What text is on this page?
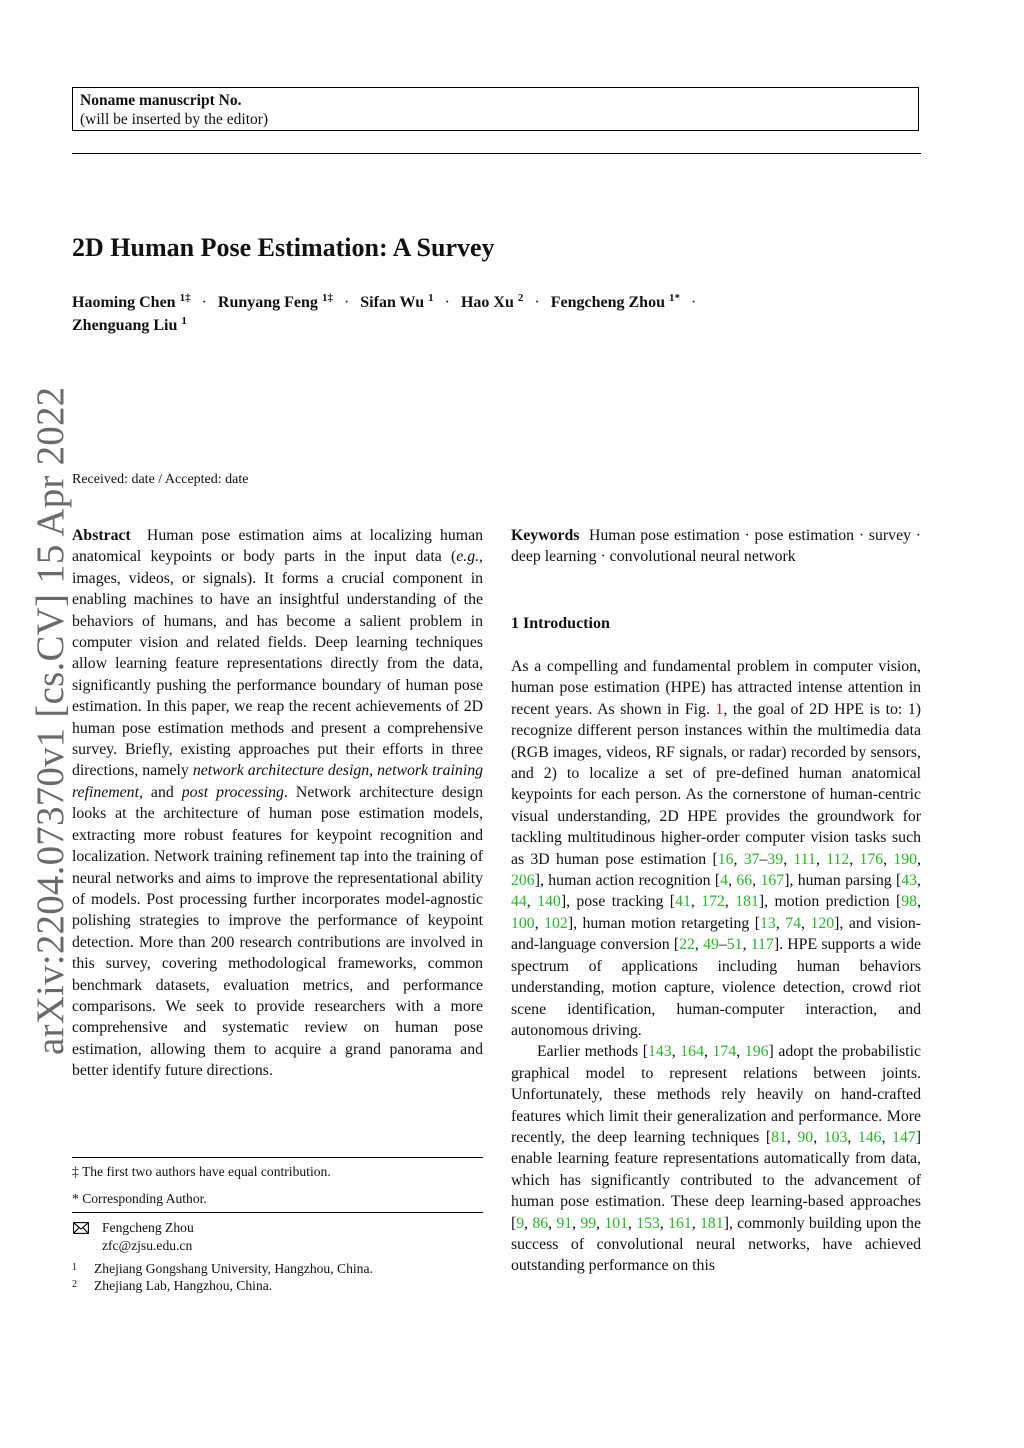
Noname manuscript No.
(will be inserted by the editor)
2D Human Pose Estimation: A Survey
Haoming Chen $^{1\ddagger}$ · Runyang Feng $^{1\ddagger}$ · Sifan Wu $^1$ · Hao Xu $^2$ · Fengcheng Zhou $^{1*}$ ·
Zhenguang Liu $^1$
Received: date / Accepted: date
arXiv:2204.07370v1 [cs.CV] 15 Apr 2022 Abstract Human pose estimation aims at localizing human anatomical keypoints or body parts in the input data (e.g., images, videos, or signals). It forms a crucial component in enabling machines to have an insightful understanding of the behaviors of humans, and has become a salient problem in computer vision and related fields. Deep learning techniques allow learning feature representations directly from the data, significantly pushing the performance boundary of human pose estimation. In this paper, we reap the recent achievements of 2D human pose estimation methods and present a comprehensive survey. Briefly, existing approaches put their efforts in three directions, namely network architecture design, network training refinement, and post processing. Network architecture design looks at the architecture of human pose estimation models, extracting more robust features for keypoint recognition and localization. Network training refinement tap into the training of neural networks and aims to improve the representational ability of models. Post processing further incorporates model-agnostic polishing strategies to improve the performance of keypoint detection. More than 200 research contributions are involved in this survey, covering methodological frameworks, common benchmark datasets, evaluation metrics, and performance comparisons. We seek to provide researchers with a more comprehensive and systematic review on human pose estimation, allowing them to acquire a grand panorama and better identify future directions.

‡ The first two authors have equal contribution.
* Corresponding Author.
Fengcheng Zhou
zfc@zjsu.edu.cn
1 Zhejiang Gongshang University, Hangzhou, China.
2 Zhejiang Lab, Hangzhou, China.

Keywords Human pose estimation · pose estimation · survey · deep learning · convolutional neural network

1 Introduction

As a compelling and fundamental problem in computer vision, human pose estimation (HPE) has attracted intense attention in recent years. As shown in Fig. 1, the goal of 2D HPE is to: 1) recognize different person instances within the multimedia data (RGB images, videos, RF signals, or radar) recorded by sensors, and 2) to localize a set of pre-defined human anatomical keypoints for each person. As the cornerstone of human-centric visual understanding, 2D HPE provides the groundwork for tackling multitudinous higher-order computer vision tasks such as 3D human pose estimation [16, 37–39, 111, 112, 176, 190, 206], human action recognition [4, 66, 167], human parsing [43, 44, 140], pose tracking [41, 172, 181], motion prediction [98, 100, 102], human motion retargeting [13, 74, 120], and vision-and-language conversion [22, 49–51, 117]. HPE supports a wide spectrum of applications including human behaviors understanding, motion capture, violence detection, crowd riot scene identification, human-computer interaction, and autonomous driving.

Earlier methods [143, 164, 174, 196] adopt the probabilistic graphical model to represent relations between joints. Unfortunately, these methods rely heavily on hand-crafted features which limit their generalization and performance. More recently, the deep learning techniques [81, 90, 103, 146, 147] enable learning feature representations automatically from data, which has significantly contributed to the advancement of human pose estimation. These deep learning-based approaches [9, 86, 91, 99, 101, 153, 161, 181], commonly building upon the success of convolutional neural networks, have achieved outstanding performance on this
